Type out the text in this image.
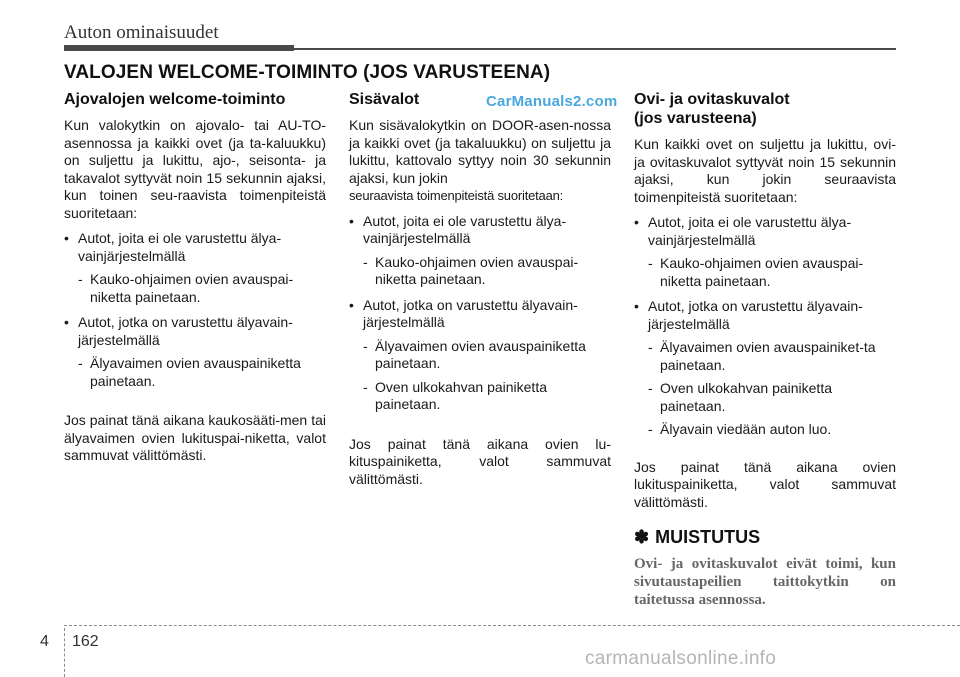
Auton ominaisuudet
VALOJEN WELCOME-TOIMINTO (JOS VARUSTEENA)
CarManuals2.com
Ajovalojen welcome-toiminto

Kun valokytkin on ajovalo- tai AU-TO-asennossa ja kaikki ovet (ja ta-kaluukku) on suljettu ja lukittu, ajo-, seisonta- ja takavalot syttyvät noin 15 sekunnin ajaksi, kun toinen seu-raavista toimenpiteistä suoritetaan:

• Autot, joita ei ole varustettu älya-vainjärjestelmällä
- Kauko-ohjaimen ovien avauspai-niketta painetaan.
• Autot, jotka on varustettu älyavain-järjestelmällä
- Älyavaimen ovien avauspainiketta painetaan.

Jos painat tänä aikana kaukosääti-men tai älyavaimen ovien lukituspai-niketta, valot sammuvat välittömästi.

Sisävalot

Kun sisävalokytkin on DOOR-asen-nossa ja kaikki ovet (ja takaluukku) on suljettu ja lukittu, kattovalo syttyy noin 30 sekunnin ajaksi, kun jokin

seuraavista toimenpiteistä suoritetaan:

• Autot, joita ei ole varustettu älya-vainjärjestelmällä
- Kauko-ohjaimen ovien avauspai-niketta painetaan.
• Autot, jotka on varustettu älyavain-järjestelmällä
- Älyavaimen ovien avauspainiketta painetaan.
- Oven ulkokahvan painiketta painetaan.

Jos painat tänä aikana ovien lu-kituspainiketta, valot sammuvat välittömästi.

Ovi- ja ovitaskuvalot
(jos varusteena)

Kun kaikki ovet on suljettu ja lukittu, ovi- ja ovitaskuvalot syttyvät noin 15 sekunnin ajaksi, kun jokin seuraavista toimenpiteistä suoritetaan:

• Autot, joita ei ole varustettu älya-vainjärjestelmällä
- Kauko-ohjaimen ovien avauspai-niketta painetaan.
• Autot, jotka on varustettu älyavain-järjestelmällä
- Älyavaimen ovien avauspainiket-ta painetaan.
- Oven ulkokahvan painiketta painetaan.
- Älyavain viedään auton luo.

Jos painat tänä aikana ovien lukituspainiketta, valot sammuvat välittömästi.

✽ MUISTUTUS

Ovi- ja ovitaskuvalot eivät toimi, kun sivutaustapeilien taittokytkin on taitetussa asennossa.

4 162
carmanualsonline.info
